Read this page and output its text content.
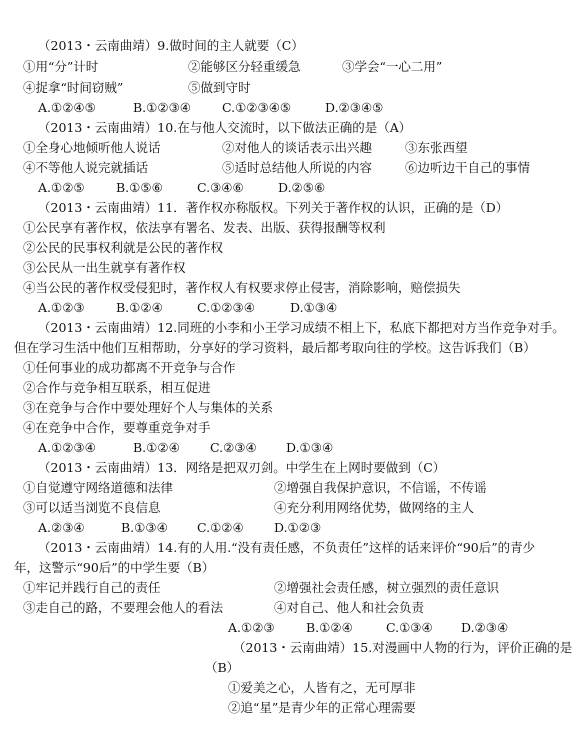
（2013・云南曲靖）9.做时间的主人就要（C）
①用“分”计时	②能够区分轻重缓急	③学会“一心二用”
④捉拿“时间窃贼”	⑤做到守时
A.①②④⑤	B.①②③④ C.①②③④⑤	D.②③④⑤
（2013・云南曲靖）10.在与他人交流时，以下做法正确的是（A）
①全身心地倾听他人说话	②对他人的谈话表示出兴趣	③东张西望
④不等他人说完就插话	⑤适时总结他人所说的内容	⑥边听边干自己的事情
A.①②⑤	B.①⑤⑥	C.③④⑥	D.②⑤⑥
（2013・云南曲靖）11．著作权亦称版权。下列关于著作权的认识，正确的是（D）
①公民享有著作权，依法享有署名、发表、出版、获得报酬等权利
②公民的民事权利就是公民的著作权
③公民从一出生就享有著作权
④当公民的著作权受侵犯时，著作权人有权要求停止侵害，消除影响，赔偿损失
A.①②③	B.①②④	C.①②③④	D.①③④
（2013・云南曲靖）12.同班的小李和小王学习成绩不相上下，私底下都把对方当作竞争对手。
但在学习生活中他们互相帮助，分享好的学习资料，最后都考取向往的学校。这告诉我们（B）
①任何事业的成功都离不开竞争与合作
②合作与竞争相互联系，相互促进
③在竞争与合作中要处理好个人与集体的关系
④在竞争中合作，要尊重竞争对手
A.①②③④	B.①②④ C.②③④ D.①③④
（2013・云南曲靖）13．网络是把双刃剑。中学生在上网时要做到（C）
①自觉遵守网络道德和法律	②增强自我保护意识，不信谣，不传谣
③可以适当浏览不良信息	④充分利用网络优势，做网络的主人
A.②③④	B.①③④ C.①②④ D.①②③
（2013・云南曲靖）14.有的人用.“没有责任感，不负责任”这样的话来评价“90后”的青少
年，这警示“90后”的中学生要（B）
①牢记并践行自己的责任	②增强社会责任感，树立强烈的责任意识
③走自己的路，不要理会他人的看法	④对自己、他人和社会负责
A.①②③	B.①②④	C.①③④ D.②③④
（2013・云南曲靖）15.对漫画中人物的行为，评价正确的是
（B）
①爱美之心，人皆有之，无可厚非
②追“星”是青少年的正常心理需要
